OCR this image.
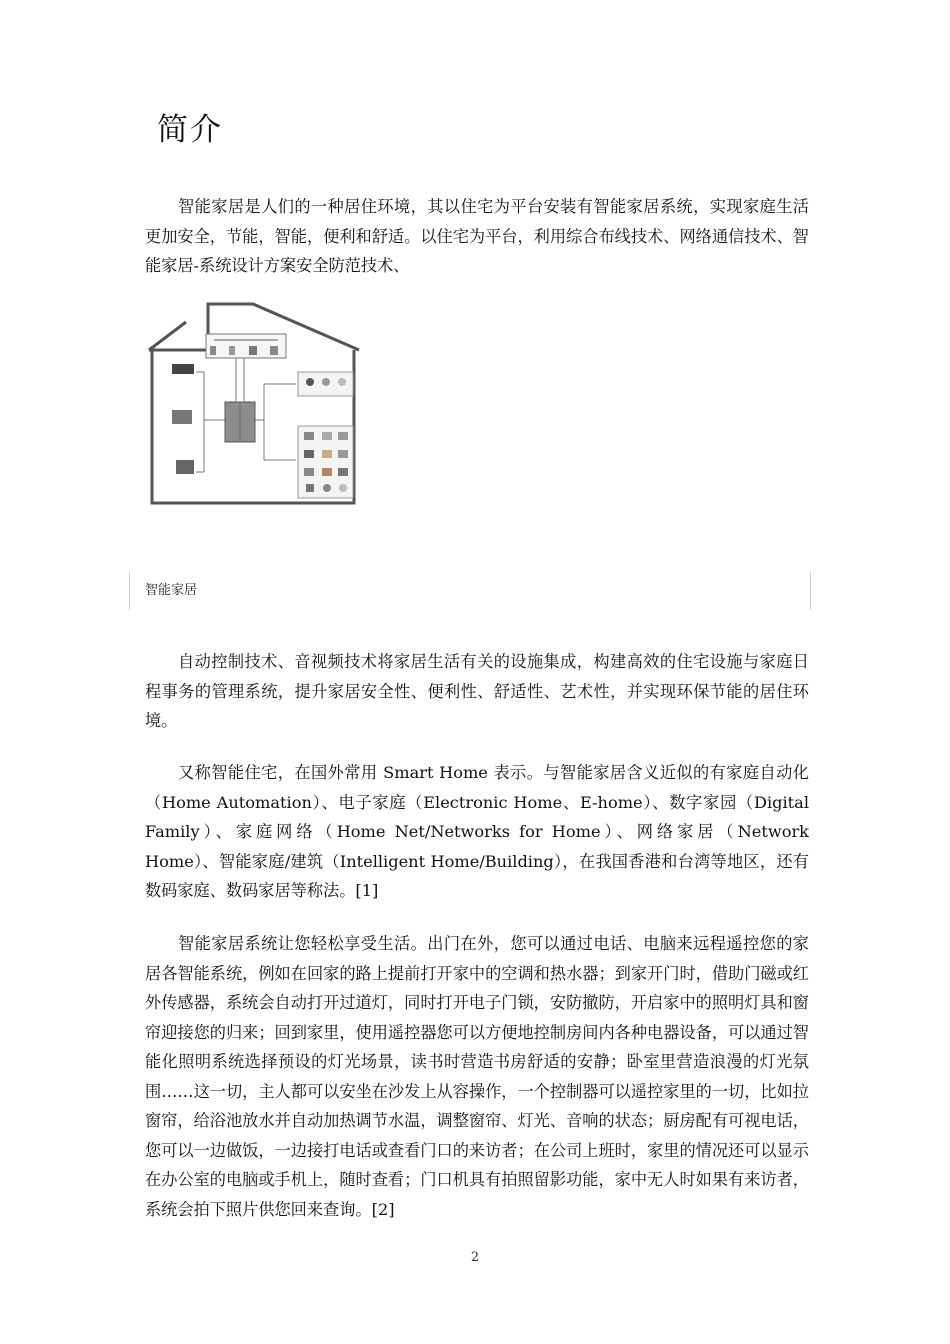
简介

智能家居是人们的一种居住环境，其以住宅为平台安装有智能家居系统，实现家庭生活更加安全，节能，智能，便利和舒适。以住宅为平台，利用综合布线技术、网络通信技术、智能家居-系统设计方案安全防范技术、

智能家居

自动控制技术、音视频技术将家居生活有关的设施集成，构建高效的住宅设施与家庭日程事务的管理系统，提升家居安全性、便利性、舒适性、艺术性，并实现环保节能的居住环境。

又称智能住宅，在国外常用 Smart Home 表示。与智能家居含义近似的有家庭自动化（Home Automation）、电子家庭（Electronic Home、E-home）、数字家园（Digital Family）、家庭网络（Home Net/Networks for Home）、网络家居（Network Home）、智能家庭/建筑（Intelligent Home/Building），在我国香港和台湾等地区，还有数码家庭、数码家居等称法。[1]

智能家居系统让您轻松享受生活。出门在外，您可以通过电话、电脑来远程遥控您的家居各智能系统，例如在回家的路上提前打开家中的空调和热水器；到家开门时，借助门磁或红外传感器，系统会自动打开过道灯，同时打开电子门锁，安防撤防，开启家中的照明灯具和窗帘迎接您的归来；回到家里，使用遥控器您可以方便地控制房间内各种电器设备，可以通过智能化照明系统选择预设的灯光场景，读书时营造书房舒适的安静；卧室里营造浪漫的灯光氛围……这一切，主人都可以安坐在沙发上从容操作，一个控制器可以遥控家里的一切，比如拉窗帘，给浴池放水并自动加热调节水温，调整窗帘、灯光、音响的状态；厨房配有可视电话，您可以一边做饭，一边接打电话或查看门口的来访者；在公司上班时，家里的情况还可以显示在办公室的电脑或手机上，随时查看；门口机具有拍照留影功能，家中无人时如果有来访者，系统会拍下照片供您回来查询。[2]

2
